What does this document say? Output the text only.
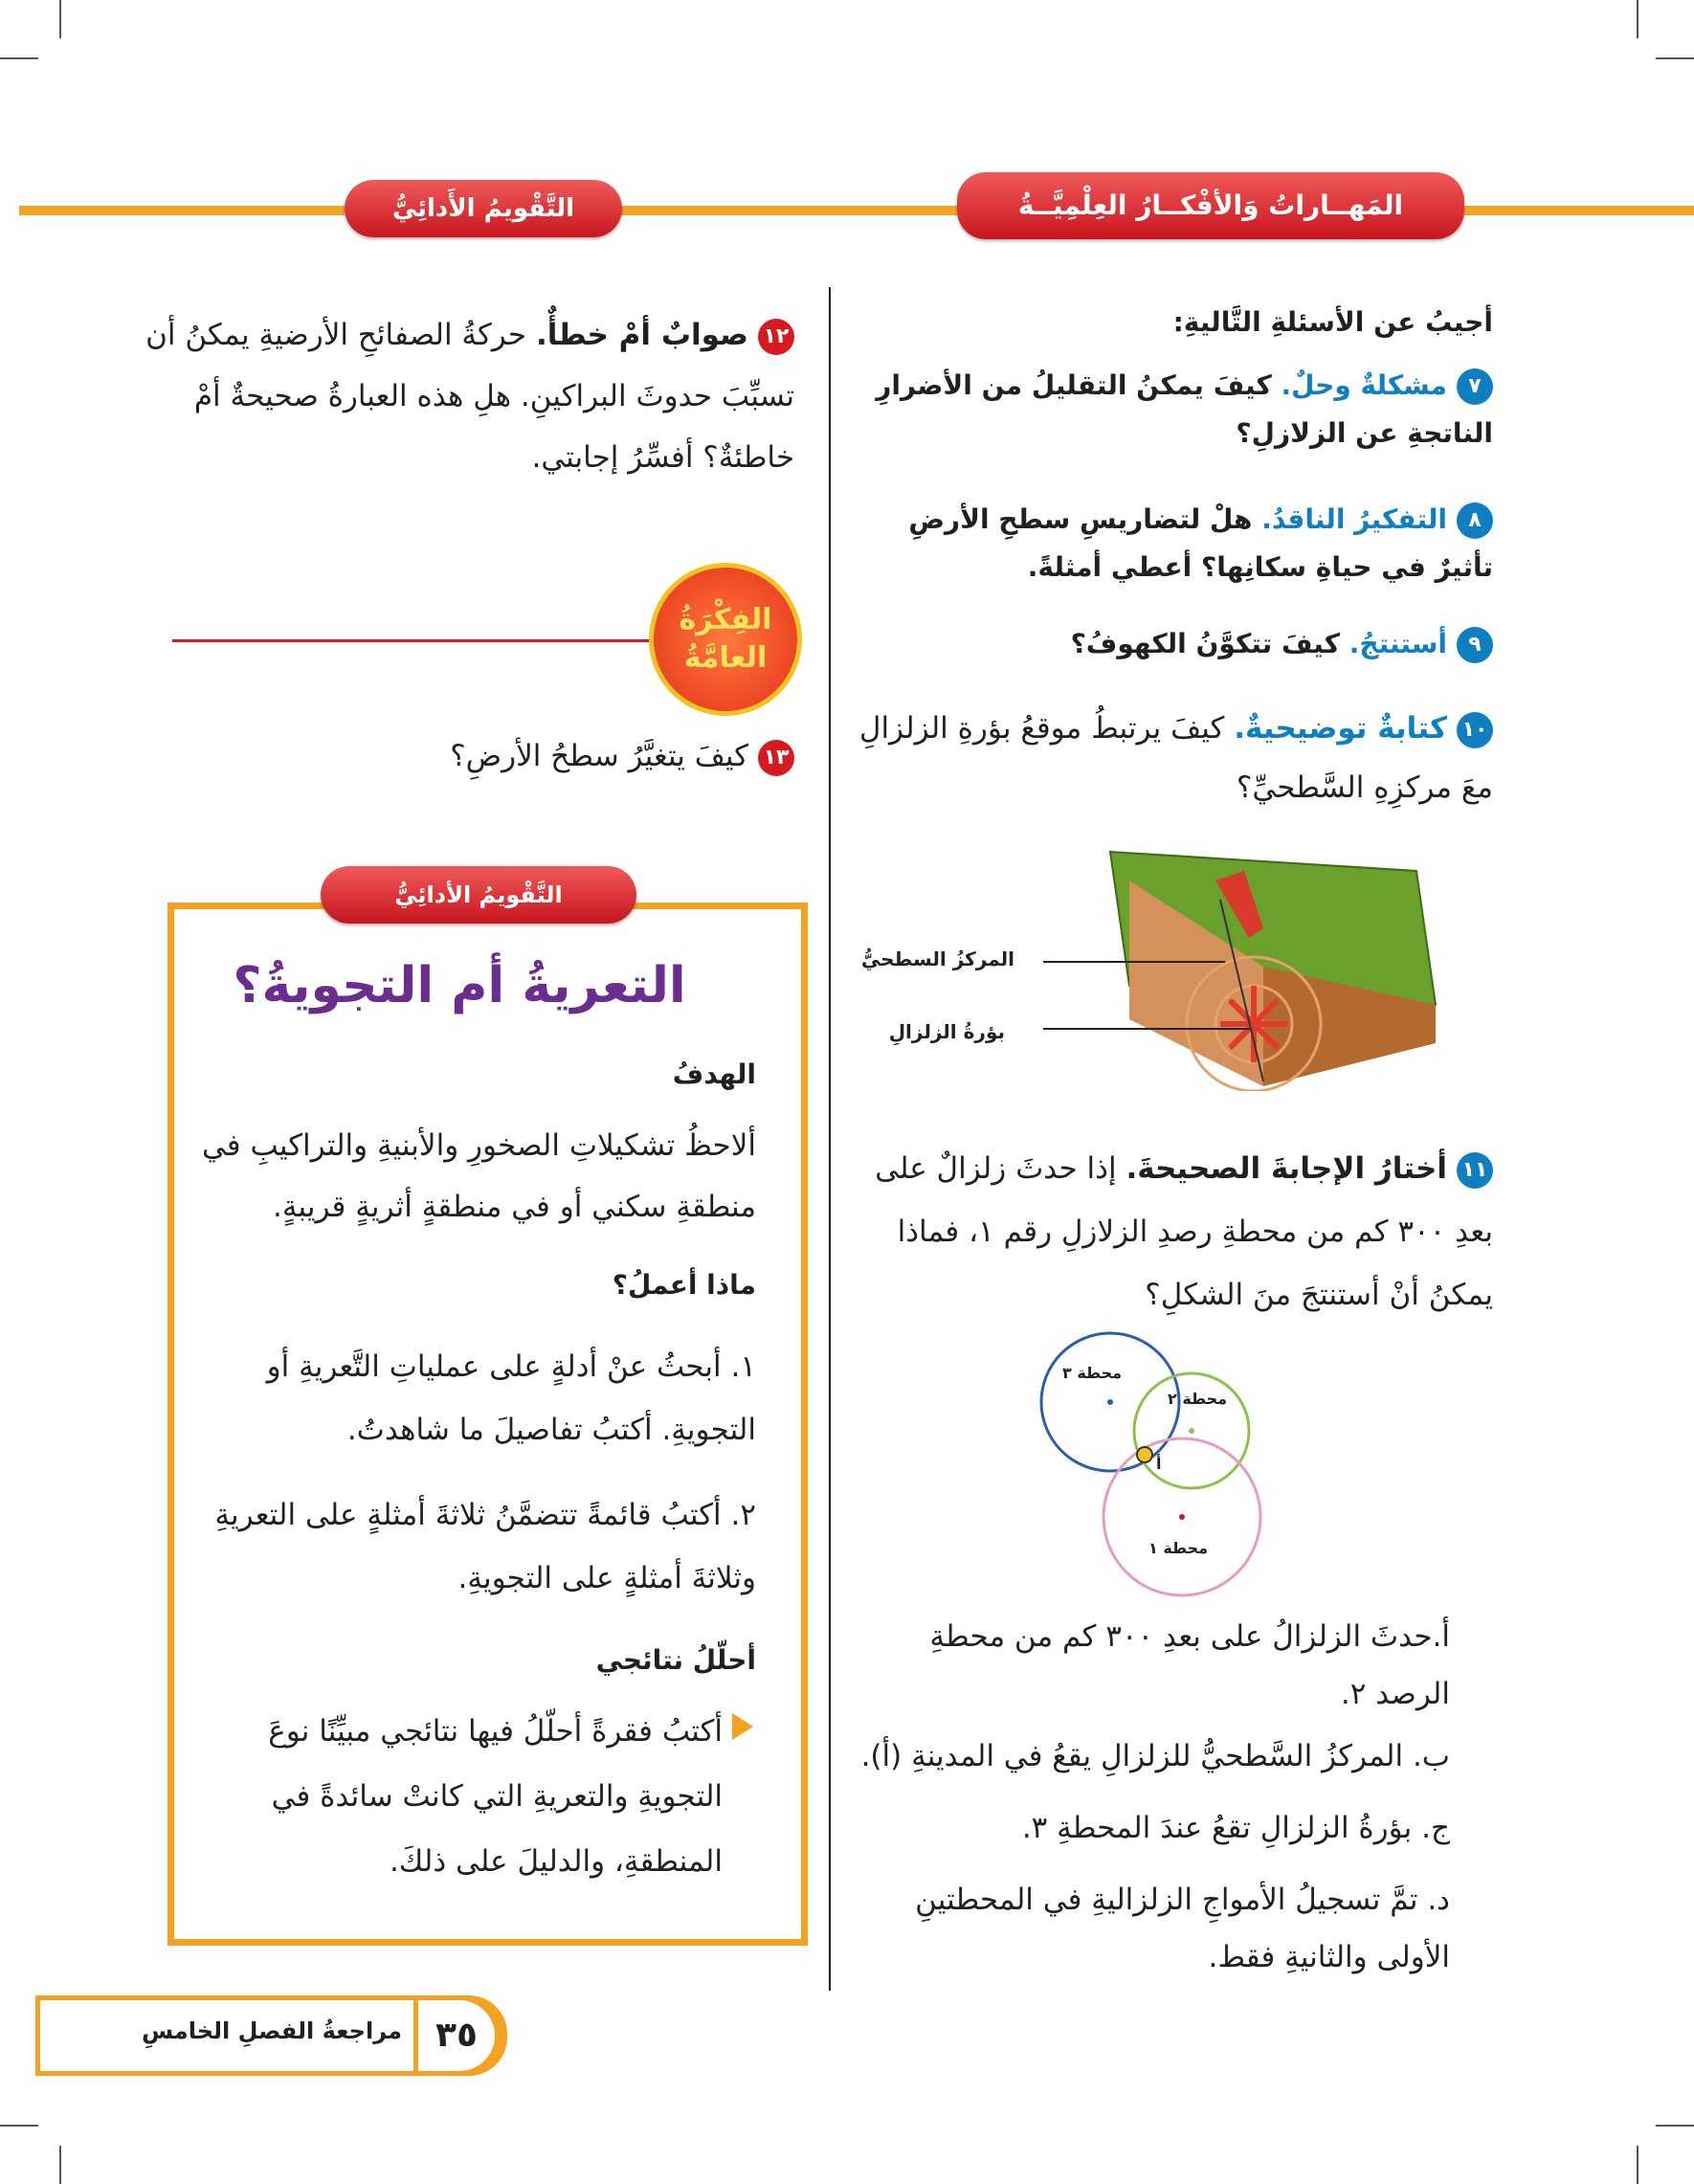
التَّقْويمُ الأَدائِيُّ	المَهــاراتُ وَالأفْكــارُ العِلْمِيَّــةُ
أجيبُ عن الأسئلةِ التَّاليةِ:
٧مشكلةٌ وحلٌ. كيفَ يمكنُ التقليلُ من الأضرارِ الناتجةِ عن الزلازلِ؟
٨التفكيرُ الناقدُ. هلْ لتضاريسِ سطحِ الأرضِ تأثيرٌ في حياةِ سكانِها؟ أعطي أمثلةً.
٩أستنتجُ. كيفَ تتكوَّنُ الكهوفُ؟
١٠كتابةٌ توضيحيةٌ. كيفَ يرتبطُ موقعُ بؤرةِ الزلزالِ معَ مركزِهِ السَّطحيِّ؟
المركزُ السطحيُّ
بؤرةُ الزلزالِ
١١أختارُ الإجابةَ الصحيحةَ. إذا حدثَ زلزالٌ على بعدِ ٣٠٠ كم من محطةِ رصدِ الزلازلِ رقم ١، فماذا يمكنُ أنْ أستنتجَ منَ الشكلِ؟
محطة ٣
محطة ٢
محطة ١
أ
أ.حدثَ الزلزالُ على بعدِ ٣٠٠ كم من محطةِ الرصد ٢.
ب. المركزُ السَّطحيُّ للزلزالِ يقعُ في المدينةِ (أ).
ج. بؤرةُ الزلزالِ تقعُ عندَ المحطةِ ٣.
د. تمَّ تسجيلُ الأمواجِ الزلزاليةِ في المحطتينِ الأولى والثانيةِ فقط.
١٢صوابٌ أمْ خطأٌ. حركةُ الصفائحِ الأرضيةِ يمكنُ أن تسبِّبَ حدوثَ البراكينِ. هلِ هذه العبارةُ صحيحةٌ أمْ خاطئةٌ؟ أفسِّرُ إجابتي.
الفِكْرَةُ العامَّةُ
١٣كيفَ يتغيَّرُ سطحُ الأرضِ؟
التَّقْويمُ الأدائِيُّ
التعريةُ أم التجويةُ؟
الهدفُ
ألاحظُ تشكيلاتِ الصخورِ والأبنيةِ والتراكيبِ في منطقةِ سكني أو في منطقةٍ أثريةٍ قريبةٍ.
ماذا أعملُ؟
١. أبحثُ عنْ أدلةٍ على عملياتِ التَّعريةِ أو التجويةِ. أكتبُ تفاصيلَ ما شاهدتُ.
٢. أكتبُ قائمةً تتضمَّنُ ثلاثةَ أمثلةٍ على التعريةِ وثلاثةَ أمثلةٍ على التجويةِ.
أحلّلُ نتائجي
أكتبُ فقرةً أحلّلُ فيها نتائجي مبيِّنًا نوعَ التجويةِ والتعريةِ التي كانتْ سائدةً في المنطقةِ، والدليلَ على ذلكَ.
٣٥
مراجعةُ الفصلِ الخامسِ
